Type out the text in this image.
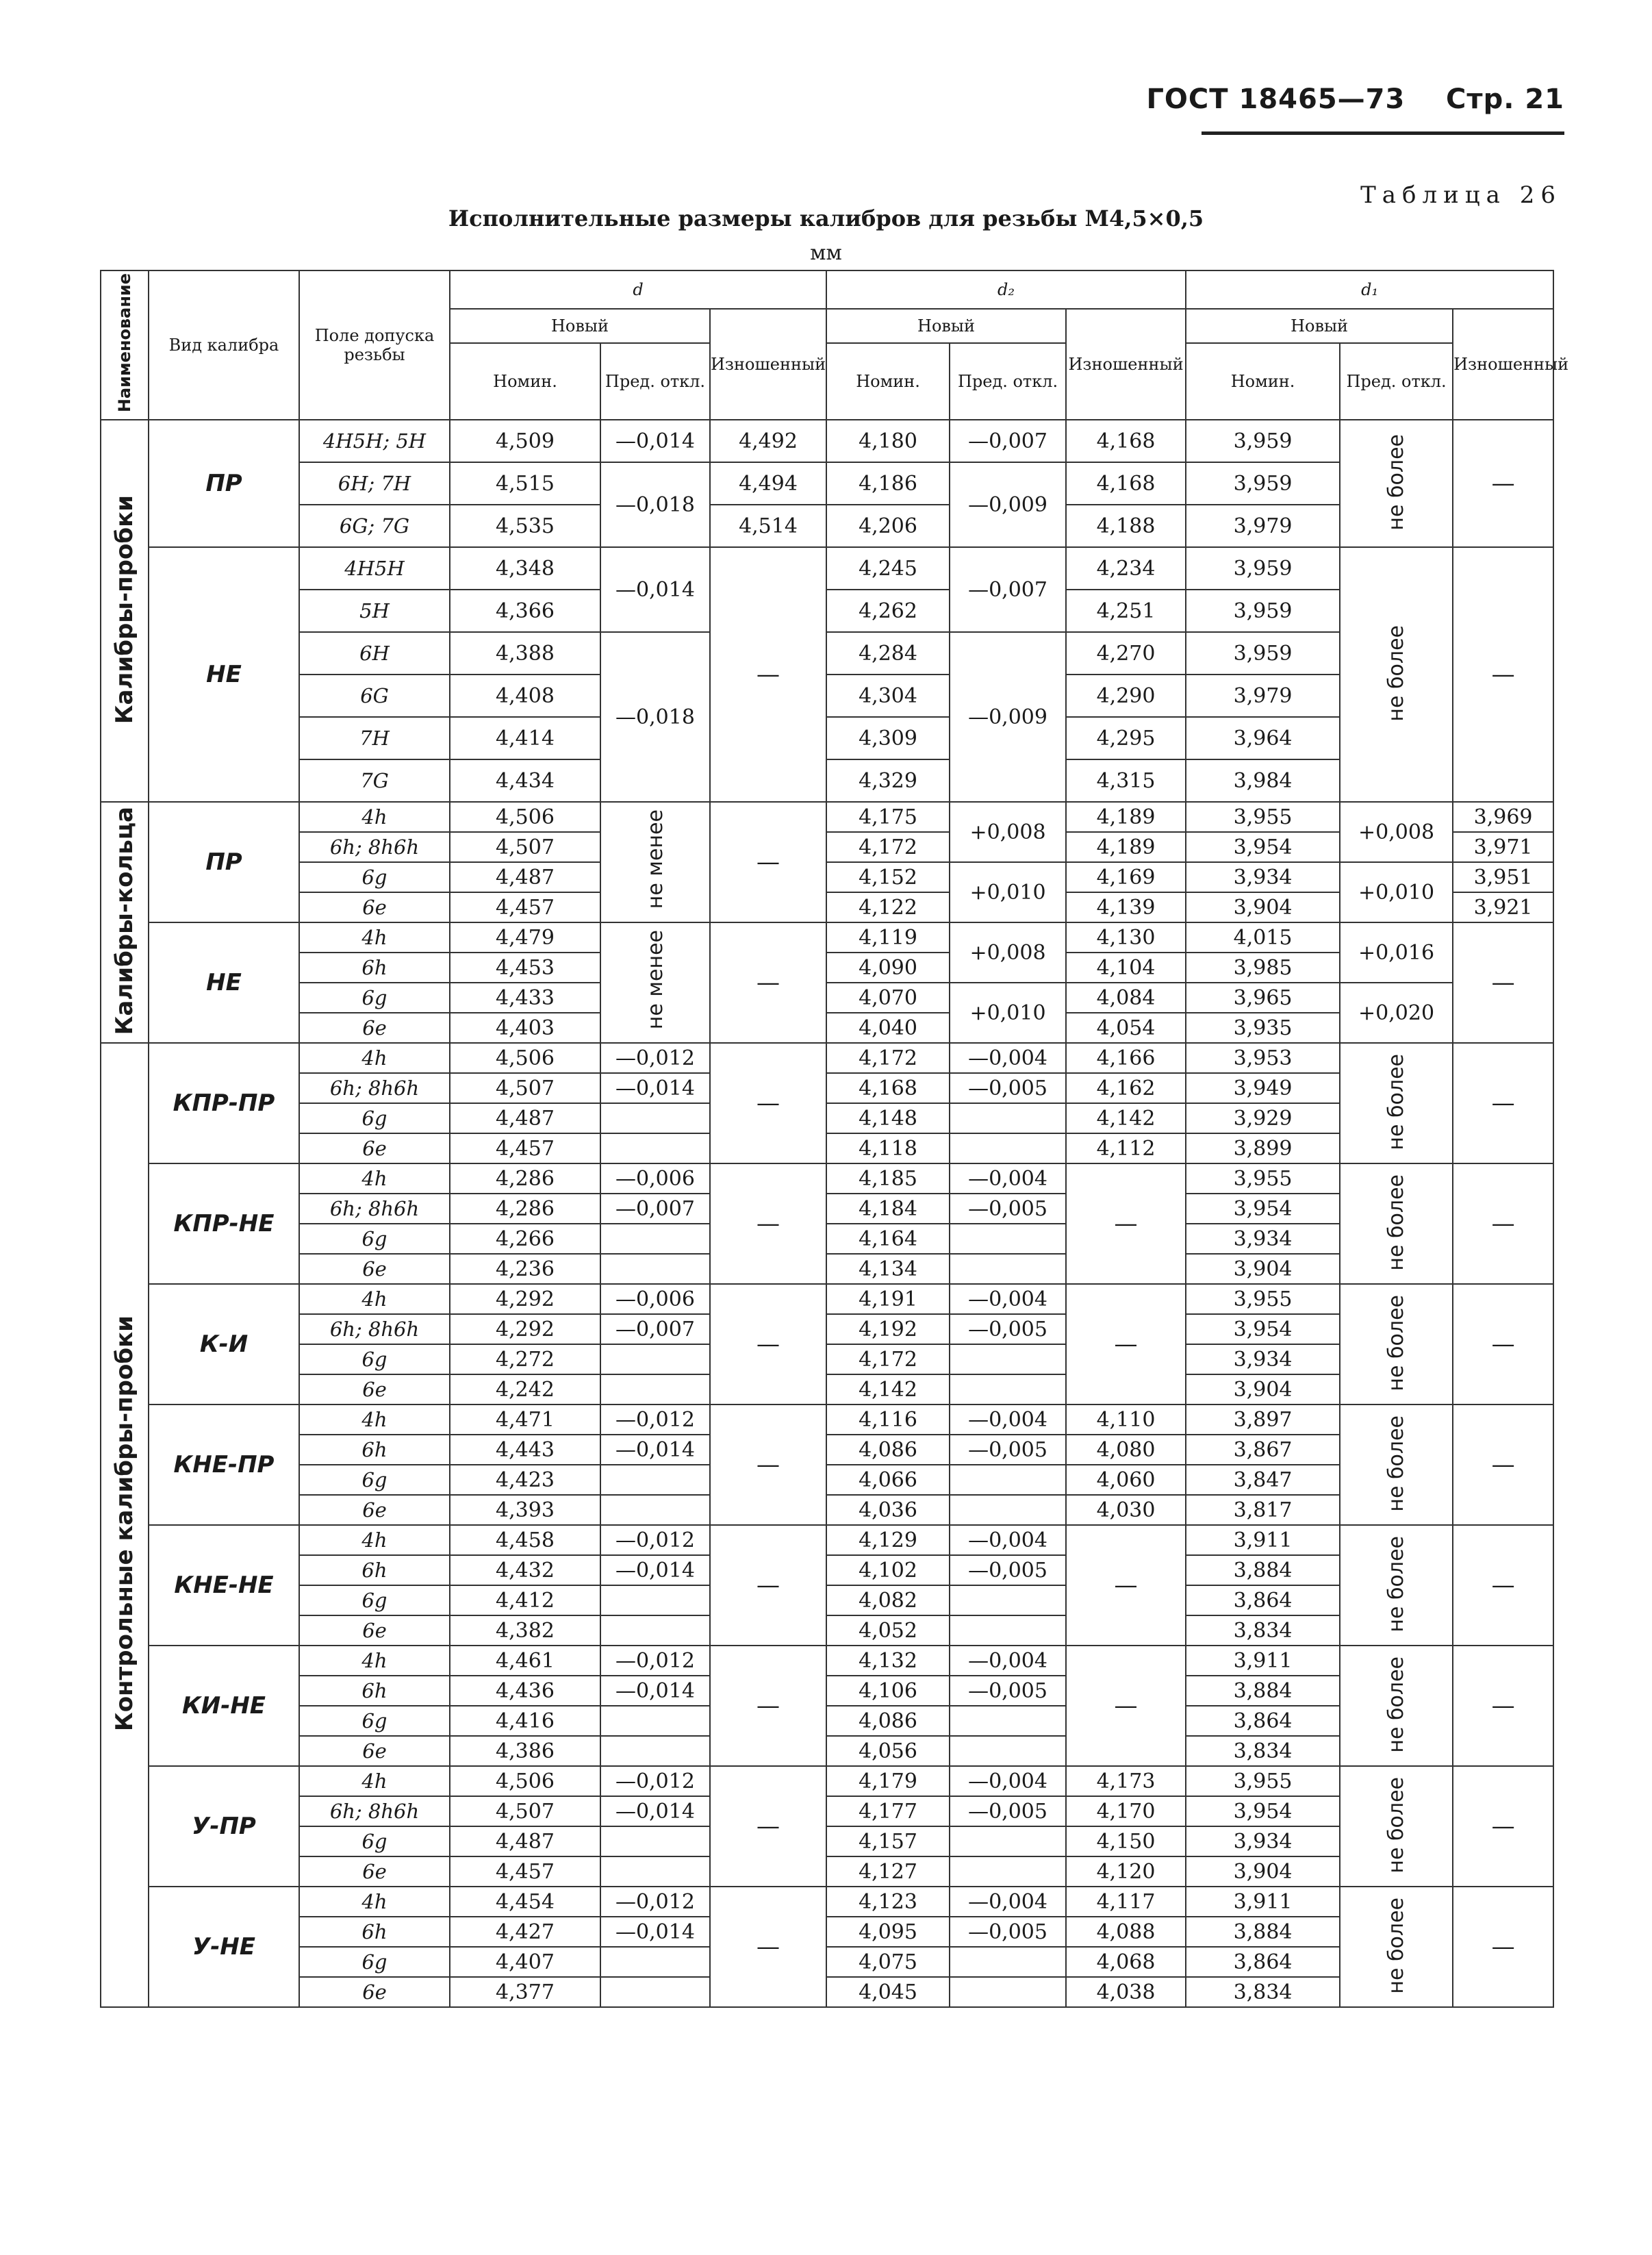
ГОСТ 18465—73 Стр. 21
Таблица 26
Исполнительные размеры калибров для резьбы М4,5×0,5
мм
Наименование	Вид калибра	Поле допуска резьбы	d			d₂			d₁		
			Новый		Изношенный	Новый		Изношенный	Новый		Изношенный
			Номин.	Пред. откл.		Номин.	Пред. откл.		Номин.	Пред. откл.	
Калибры-пробки	ПР	4H5H; 5H	4,509	—0,014	4,492	4,180	—0,007	4,168	3,959	не более	—
		6H; 7H	4,515	—0,018	4,494	4,186	—0,009	4,168	3,959		
		6G; 7G	4,535		4,514	4,206		4,188	3,979		
	НЕ	4H5H	4,348	—0,014	—	4,245	—0,007	4,234	3,959	не более	—
		5H	4,366			4,262		4,251	3,959		
		6H	4,388	—0,018		4,284	—0,009	4,270	3,959		
		6G	4,408			4,304		4,290	3,979		
		7H	4,414			4,309		4,295	3,964		
		7G	4,434			4,329		4,315	3,984		
Калибры-кольца	ПР	4h	4,506	не менее	—	4,175	+0,008	4,189	3,955	+0,008	3,969
		6h; 8h6h	4,507			4,172		4,189	3,954		3,971
		6g	4,487			4,152	+0,010	4,169	3,934	+0,010	3,951
		6e	4,457			4,122		4,139	3,904		3,921
	НЕ	4h	4,479	не менее	—	4,119	+0,008	4,130	4,015	+0,016	—
		6h	4,453			4,090		4,104	3,985		
		6g	4,433			4,070	+0,010	4,084	3,965	+0,020	
		6e	4,403			4,040		4,054	3,935		
Контрольные калибры-пробки	КПР-ПР	4h	4,506	—0,012	—	4,172	—0,004	4,166	3,953	не более	—
		6h; 8h6h	4,507	—0,014		4,168	—0,005	4,162	3,949		
		6g	4,487			4,148		4,142	3,929		
		6e	4,457			4,118		4,112	3,899		
	КПР-НЕ	4h	4,286	—0,006	—	4,185	—0,004	—	3,955	не более	—
		6h; 8h6h	4,286	—0,007		4,184	—0,005		3,954		
		6g	4,266			4,164			3,934		
		6e	4,236			4,134			3,904		
	К-И	4h	4,292	—0,006	—	4,191	—0,004	—	3,955	не более	—
		6h; 8h6h	4,292	—0,007		4,192	—0,005		3,954		
		6g	4,272			4,172			3,934		
		6e	4,242			4,142			3,904		
	КНЕ-ПР	4h	4,471	—0,012	—	4,116	—0,004	4,110	3,897	не более	—
		6h	4,443	—0,014		4,086	—0,005	4,080	3,867		
		6g	4,423			4,066		4,060	3,847		
		6e	4,393			4,036		4,030	3,817		
	КНЕ-НЕ	4h	4,458	—0,012	—	4,129	—0,004	—	3,911	не более	—
		6h	4,432	—0,014		4,102	—0,005		3,884		
		6g	4,412			4,082			3,864		
		6e	4,382			4,052			3,834		
	КИ-НЕ	4h	4,461	—0,012	—	4,132	—0,004	—	3,911	не более	—
		6h	4,436	—0,014		4,106	—0,005		3,884		
		6g	4,416			4,086			3,864		
		6e	4,386			4,056			3,834		
	У-ПР	4h	4,506	—0,012	—	4,179	—0,004	4,173	3,955	не более	—
		6h; 8h6h	4,507	—0,014		4,177	—0,005	4,170	3,954		
		6g	4,487			4,157		4,150	3,934		
		6e	4,457			4,127		4,120	3,904		
	У-НЕ	4h	4,454	—0,012	—	4,123	—0,004	4,117	3,911	не более	—
		6h	4,427	—0,014		4,095	—0,005	4,088	3,884		
		6g	4,407			4,075		4,068	3,864		
		6e	4,377			4,045		4,038	3,834		
